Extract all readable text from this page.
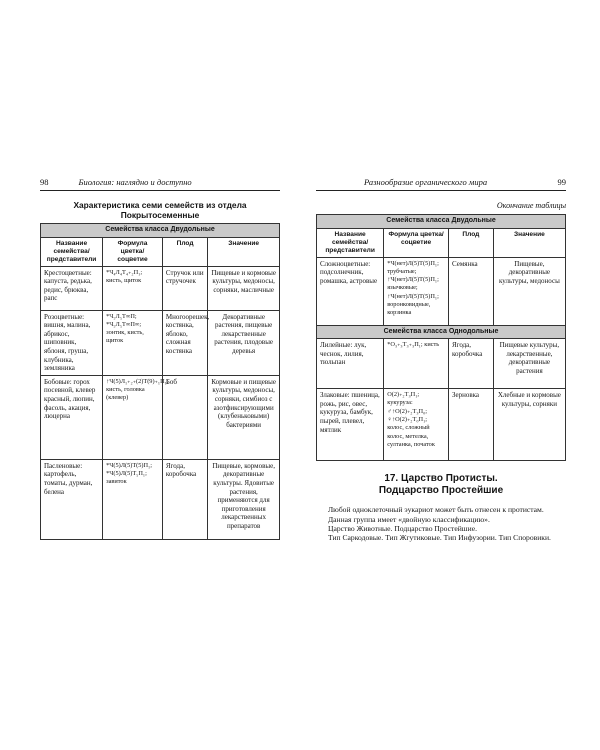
98	Биология: наглядно и доступно
Характеристика семи семейств из отдела
Покрытосеменные
Семейства класса Двудольные			
Название семейства/ представители	Формула цветка/ соцветие	Плод	Значение
Крестоцветные: капуста, редька, редис, брюква, рапс	*Ч₄Л₄Т₄₊₂П₁; кисть, щиток	Стручок или стручочек	Пищевые и кормовые культуры, медоносы, сорняки, масличные
Розоцветные: вишня, малина, абрикос, шиповник, яблоня, груша, клубника, земляника	*Ч₅Л₅Т∞П; *Ч₅Л₅Т∞П∞; зонтик, кисть, щиток	Многоорешек, костянка, яблоко, сложная костянка	Декоративные растения, пищевые лекарственные растения, плодовые деревья
Бобовые: горох посевной, клевер красный, люпин, фасоль, акация, люцерна	↑Ч(5)Л₁₊₂₊(2)Т(9)₊₁П₁; кисть, головка (клевер)	Боб	Кормовые и пищевые культуры, медоносы, сорняки, симбиоз с азотфиксирующими (клубеньковыми) бактериями
Пасленовые: картофель, томаты, дурман, белена	*Ч(5)Л(5)Т(5)П₁; *Ч(5)Л(5)Т₅П₁; завиток	Ягода, коробочка	Пищевые, кормовые, декоративные культуры. Ядовитые растения, применяются для приготовления лекарственных препаратов
Разнообразие органического мира	99
Окончание таблицы
Семейства класса Двудольные			
Название семейства/ представители	Формула цветка/ соцветие	Плод	Значение
Сложноцветные: подсолнечник, ромашка, астровые	*Ч(нет)Л(5)Т(5)П₁; трубчатые; ↑Ч(нет)Л(5)Т(5)П₁; язычковые; ↑Ч(нет)Л(5)Т(5)П₁; воронковидные, корзинка	Семянка	Пищевые, декоративные культуры, медоносы
Семейства класса Однодольные			
Лилейные: лук, чеснок, лилия, тюльпан	*О₃₊₃Т₃₊₃П₁; кисть	Ягода, коробочка	Пищевые культуры, лекарственные, декоративные растения
Злаковые: пшеница, рожь, рис, овес, кукуруза, бамбук, пырей, плевел, мятлик	О(2)₊₂Т₃П₁; кукуруза: ♂↑О(2)₊₂Т₃П₀; ♀↑О(2)₊₂Т₀П₁; колос, сложный колос, метелка, султанка, початок	Зерновка	Хлебные и кормовые культуры, сорняки
17. Царство Протисты.
Подцарство Простейшие

Любой одноклеточный эукариот может быть отнесен к протистам.

Данная группа имеет «двойную классификацию».

Царство Животные. Подцарство Простейшие.

Тип Саркодовые. Тип Жгутиковые. Тип Инфузории. Тип Споровики.
